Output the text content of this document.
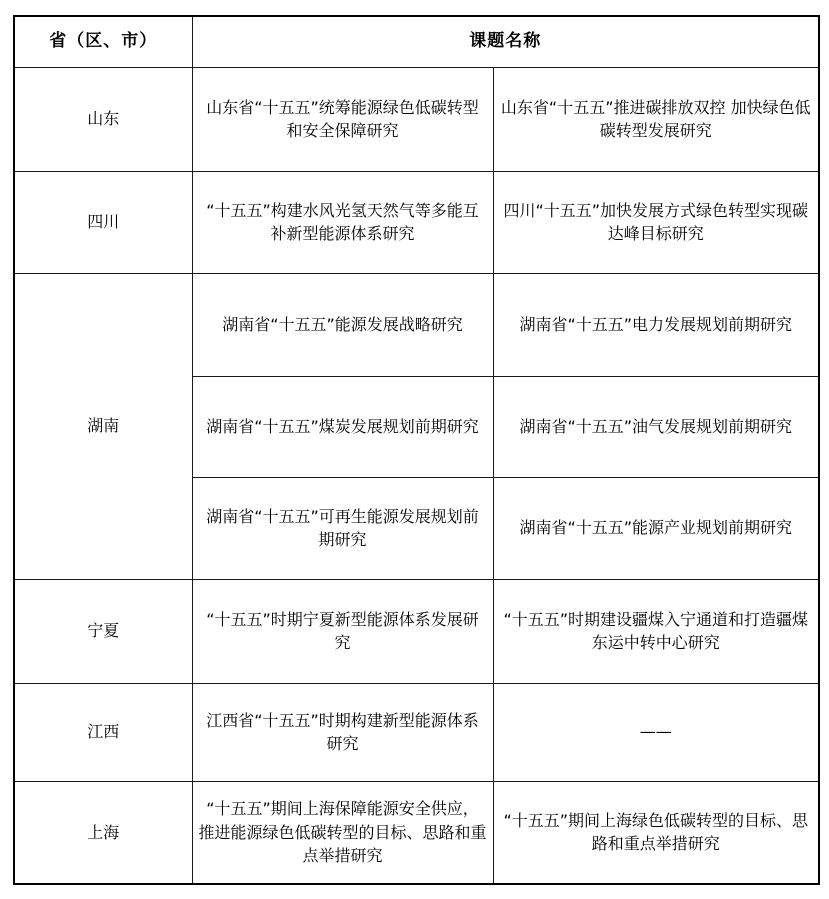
省（区、市）	课题名称	
山东	山东省“十五五”统筹能源绿色低碳转型和安全保障研究	山东省“十五五”推进碳排放双控 加快绿色低碳转型发展研究
四川	“十五五”构建水风光氢天然气等多能互补新型能源体系研究	四川“十五五”加快发展方式绿色转型实现碳达峰目标研究
湖南	湖南省“十五五”能源发展战略研究	湖南省“十五五”电力发展规划前期研究
	湖南省“十五五”煤炭发展规划前期研究	湖南省“十五五”油气发展规划前期研究
	湖南省“十五五”可再生能源发展规划前期研究	湖南省“十五五”能源产业规划前期研究
宁夏	“十五五”时期宁夏新型能源体系发展研究	“十五五”时期建设疆煤入宁通道和打造疆煤东运中转中心研究
江西	江西省“十五五”时期构建新型能源体系研究	——
上海	“十五五”期间上海保障能源安全供应，推进能源绿色低碳转型的目标、思路和重点举措研究	“十五五”期间上海绿色低碳转型的目标、思路和重点举措研究
